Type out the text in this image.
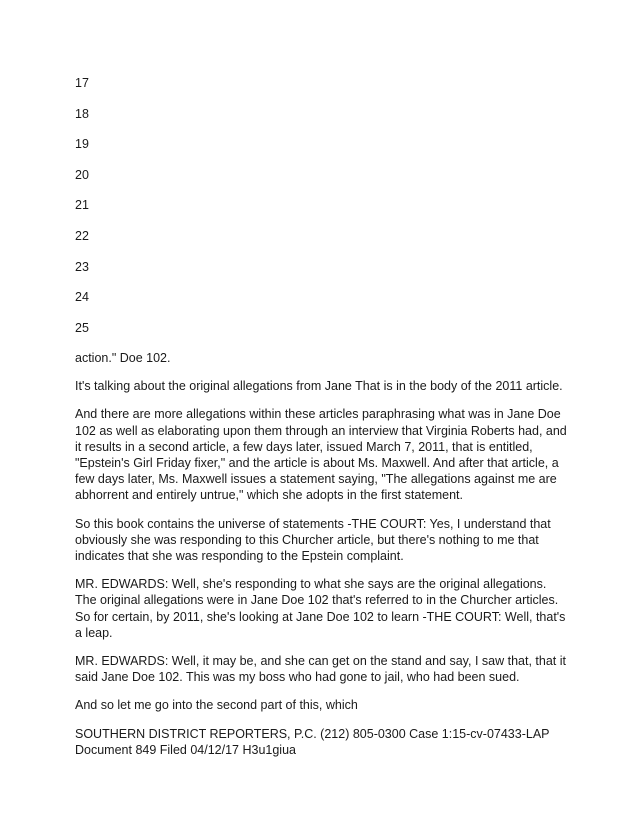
17
18
19
20
21
22
23
24
25

action." Doe 102.

It's talking about the original allegations from Jane That is in the body of the 2011 article.

And there are more allegations within these articles paraphrasing what was in Jane Doe 102 as well as elaborating upon them through an interview that Virginia Roberts had, and it results in a second article, a few days later, issued March 7, 2011, that is entitled, "Epstein's Girl Friday fixer," and the article is about Ms. Maxwell. And after that article, a few days later, Ms. Maxwell issues a statement saying, "The allegations against me are abhorrent and entirely untrue," which she adopts in the first statement.

So this book contains the universe of statements -THE COURT: Yes, I understand that obviously she was responding to this Churcher article, but there's nothing to me that indicates that she was responding to the Epstein complaint.

MR. EDWARDS: Well, she's responding to what she says are the original allegations. The original allegations were in Jane Doe 102 that's referred to in the Churcher articles. So for certain, by 2011, she's looking at Jane Doe 102 to learn -THE COURT: Well, that's a leap.

MR. EDWARDS: Well, it may be, and she can get on the stand and say, I saw that, that it said Jane Doe 102. This was my boss who had gone to jail, who had been sued.

And so let me go into the second part of this, which

SOUTHERN DISTRICT REPORTERS, P.C. (212) 805-0300 Case 1:15-cv-07433-LAP Document 849 Filed 04/12/17 H3u1giua
